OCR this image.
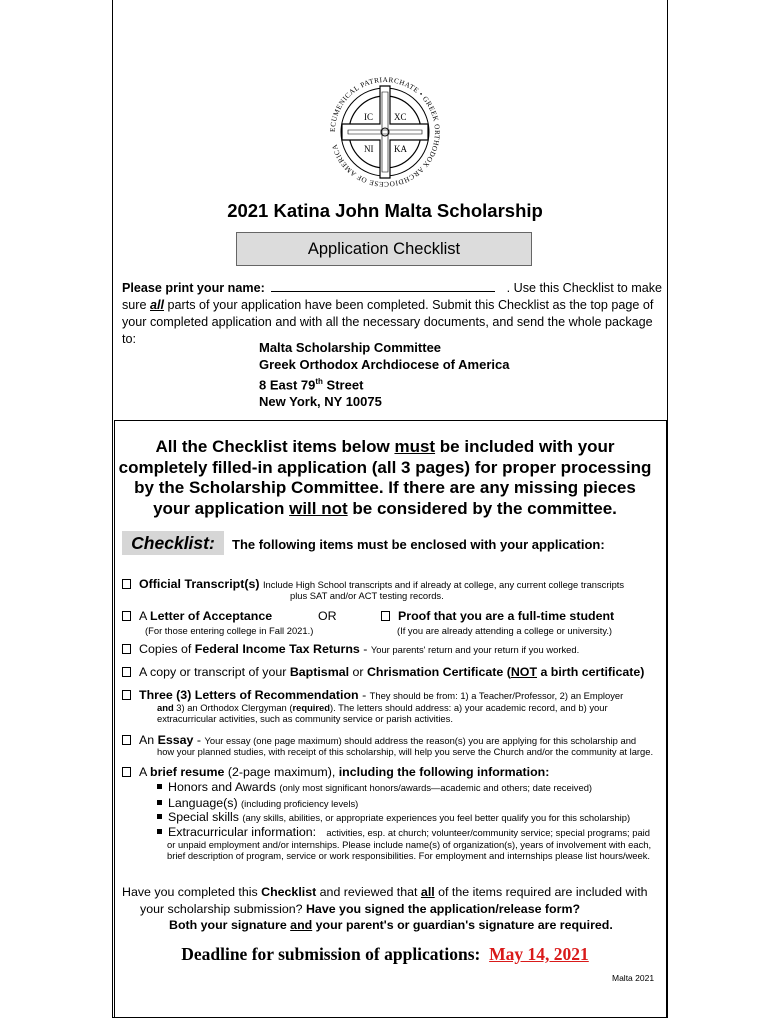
ECUMENICAL PATRIARCHATE • GREEK ORTHODOX ARCHDIOCESE OF AMERICA
IC XC
NI KA
2021 Katina John Malta Scholarship
Application Checklist
Please print your name:	. Use this Checklist to make
sure all parts of your application have been completed. Submit this Checklist as the top page of
your completed application and with all the necessary documents, and send the whole package to:
Malta Scholarship Committee
Greek Orthodox Archdiocese of America
8 East 79th Street
New York, NY 10075
All the Checklist items below must be included with your
completely filled-in application (all 3 pages) for proper processing
by the Scholarship Committee. If there are any missing pieces
your application will not be considered by the committee.
Checklist:	The following items must be enclosed with your application:
Official Transcript(s) Include High School transcripts and if already at college, any current college transcripts
plus SAT and/or ACT testing records.
A Letter of Acceptance	OR	Proof that you are a full-time student
(For those entering college in Fall 2021.)	(If you are already attending a college or university.)
Copies of Federal Income Tax Returns - Your parents' return and your return if you worked.
A copy or transcript of your Baptismal or Chrismation Certificate (NOT a birth certificate)
Three (3) Letters of Recommendation - They should be from: 1) a Teacher/Professor, 2) an Employer
and 3) an Orthodox Clergyman (required). The letters should address: a) your academic record, and b) your
extracurricular activities, such as community service or parish activities.
An Essay - Your essay (one page maximum) should address the reason(s) you are applying for this scholarship and
how your planned studies, with receipt of this scholarship, will help you serve the Church and/or the community at large.
A brief resume (2-page maximum), including the following information:
Honors and Awards (only most significant honors/awards—academic and others; date received)
Language(s) (including proficiency levels)
Special skills (any skills, abilities, or appropriate experiences you feel better qualify you for this scholarship)
Extracurricular information: activities, esp. at church; volunteer/community service; special programs; paid
or unpaid employment and/or internships. Please include name(s) of organization(s), years of involvement with each,
brief description of program, service or work responsibilities. For employment and internships please list hours/week.
Have you completed this Checklist and reviewed that all of the items required are included with
your scholarship submission? Have you signed the application/release form?
Both your signature and your parent's or guardian's signature are required.
Deadline for submission of applications: May 14, 2021
Malta 2021
